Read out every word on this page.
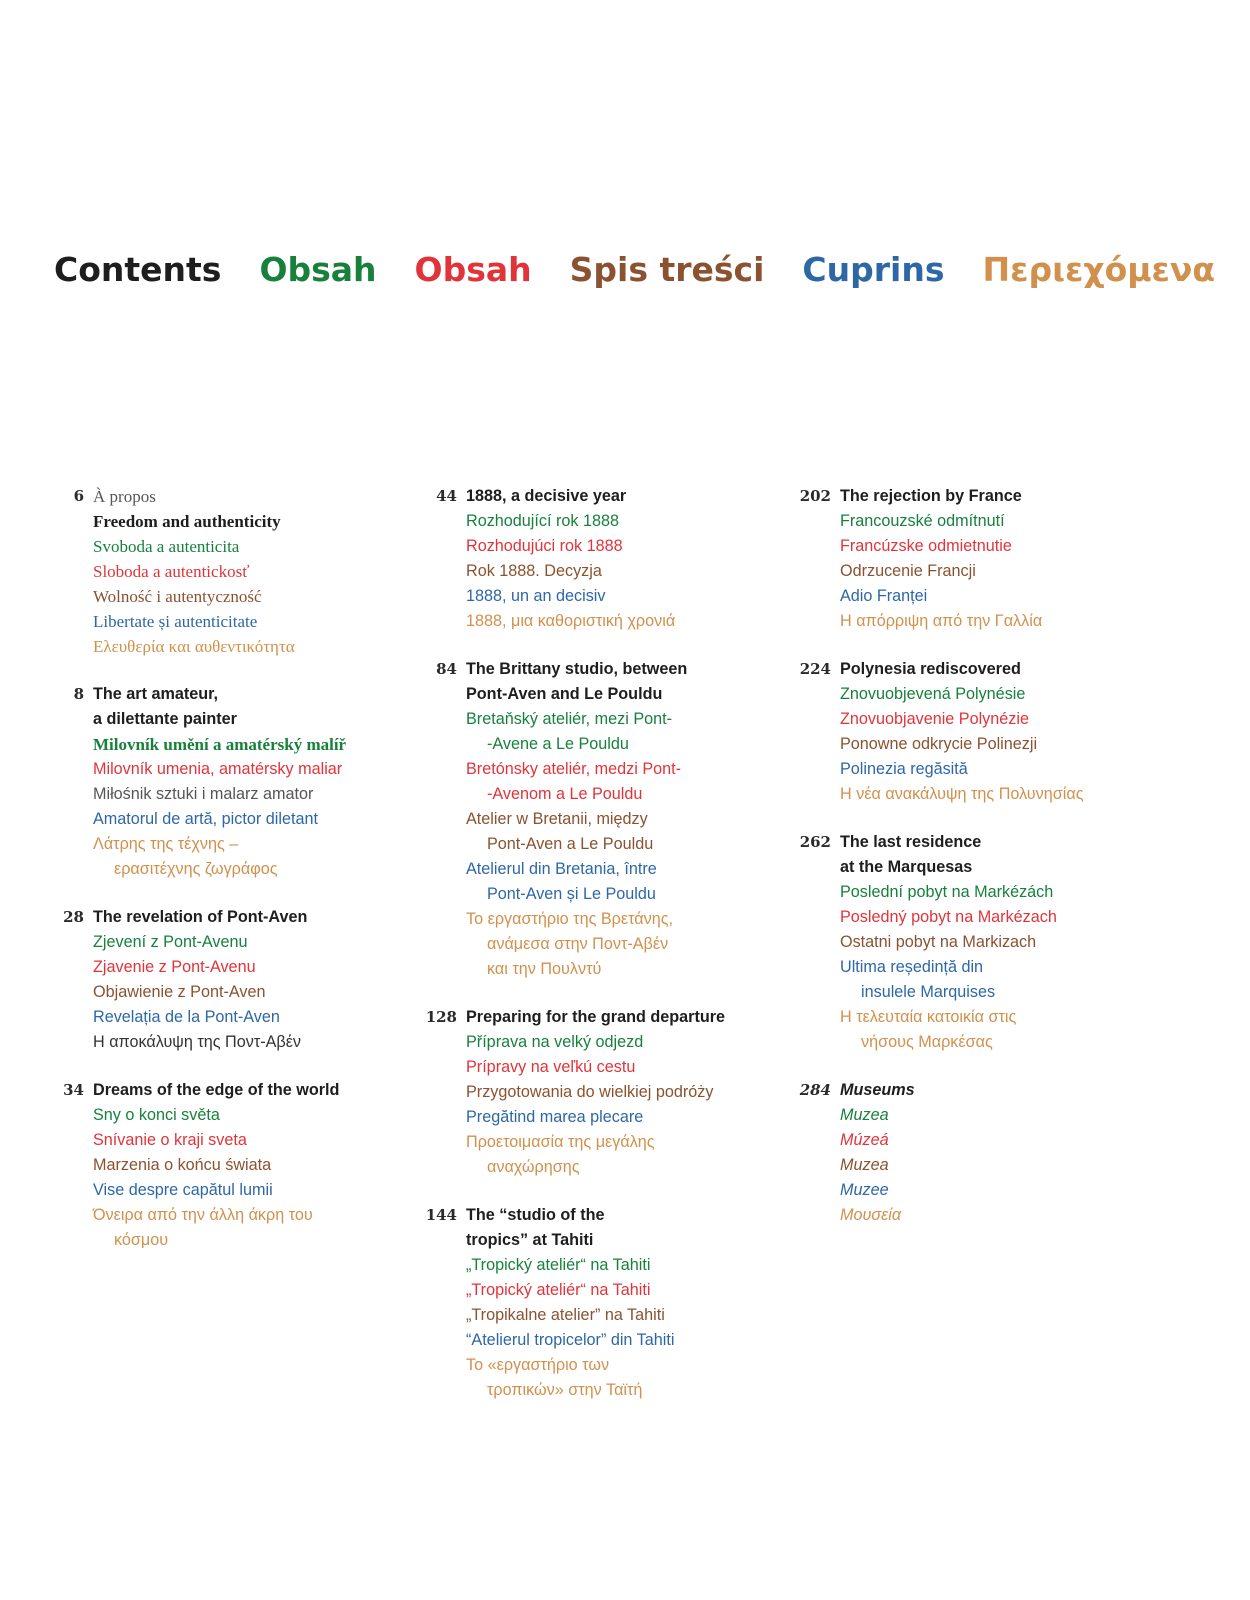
Contents Obsah Obsah Spis treści Cuprins Περιεχόμενα
6 À propos
Freedom and authenticity
Svoboda a autenticita
Sloboda a autentickosť
Wolność i autentyczność
Libertate și autenticitate
Ελευθερία και αυθεντικότητα
8 The art amateur,
a dilettante painter
Milovník umění a amatérský malíř
Milovník umenia, amatérsky maliar
Miłośnik sztuki i malarz amator
Amatorul de artă, pictor diletant
Λάτρης της τέχνης –
ερασιτέχνης ζωγράφος
28 The revelation of Pont-Aven
Zjevení z Pont-Avenu
Zjavenie z Pont-Avenu
Objawienie z Pont-Aven
Revelația de la Pont-Aven
Η αποκάλυψη της Ποντ-Αβέν
34 Dreams of the edge of the world
Sny o konci světa
Snívanie o kraji sveta
Marzenia o końcu świata
Vise despre capătul lumii
Όνειρα από την άλλη άκρη του
κόσμου
44 1888, a decisive year
Rozhodující rok 1888
Rozhodujúci rok 1888
Rok 1888. Decyzja
1888, un an decisiv
1888, μια καθοριστική χρονιά
84 The Brittany studio, between
Pont-Aven and Le Pouldu
Bretaňský ateliér, mezi Pont-
-Avene a Le Pouldu
Bretónsky ateliér, medzi Pont-
-Avenom a Le Pouldu
Atelier w Bretanii, między
Pont-Aven a Le Pouldu
Atelierul din Bretania, între
Pont-Aven și Le Pouldu
Το εργαστήριο της Βρετάνης,
ανάμεσα στην Ποντ-Αβέν
και την Πουλντύ
128 Preparing for the grand departure
Příprava na velký odjezd
Prípravy na veľkú cestu
Przygotowania do wielkiej podróży
Pregătind marea plecare
Προετοιμασία της μεγάλης
αναχώρησης
144 The “studio of the
tropics” at Tahiti
„Tropický ateliér“ na Tahiti
„Tropický ateliér“ na Tahiti
„Tropikalne atelier” na Tahiti
“Atelierul tropicelor” din Tahiti
Το «εργαστήριο των
τροπικών» στην Ταϊτή
202 The rejection by France
Francouzské odmítnutí
Francúzske odmietnutie
Odrzucenie Francji
Adio Franței
Η απόρριψη από την Γαλλία
224 Polynesia rediscovered
Znovuobjevená Polynésie
Znovuobjavenie Polynézie
Ponowne odkrycie Polinezji
Polinezia regăsită
Η νέα ανακάλυψη της Πολυνησίας
262 The last residence
at the Marquesas
Poslední pobyt na Markézách
Posledný pobyt na Markézach
Ostatni pobyt na Markizach
Ultima reședință din
insulele Marquises
Η τελευταία κατοικία στις
νήσους Μαρκέσας
284 Museums
Muzea
Múzeá
Muzea
Muzee
Μουσεία
